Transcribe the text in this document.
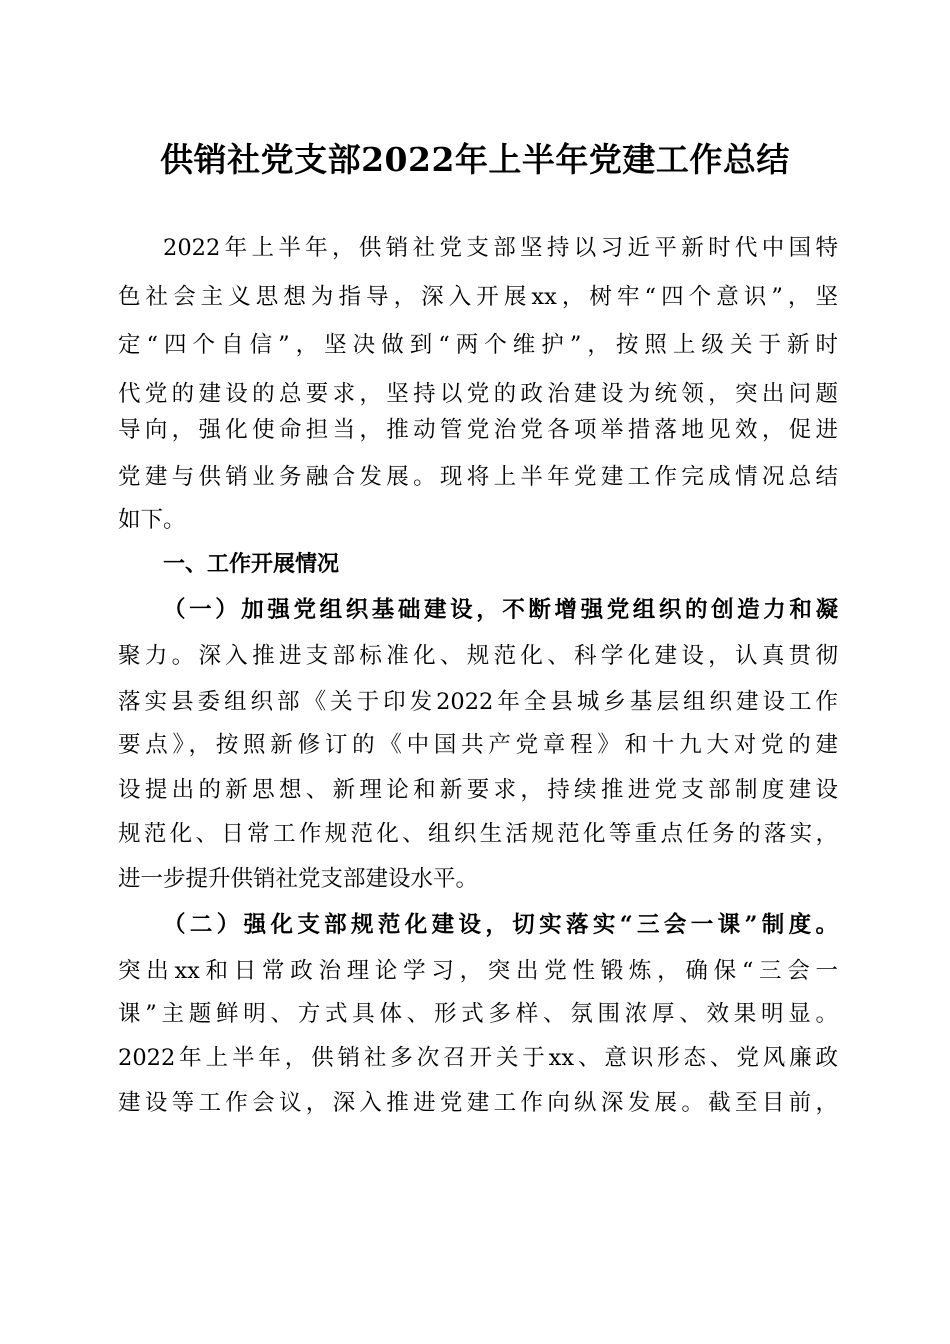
供销社党支部2022年上半年党建工作总结
2022年上半年，供销社党支部坚持以习近平新时代中国特
色社会主义思想为指导，深入开展xx，树牢“四个意识”，坚
定“四个自信”，坚决做到“两个维护”，按照上级关于新时
代党的建设的总要求，坚持以党的政治建设为统领，突出问题
导向，强化使命担当，推动管党治党各项举措落地见效，促进
党建与供销业务融合发展。现将上半年党建工作完成情况总结
如下。
一、工作开展情况
（一）加强党组织基础建设，不断增强党组织的创造力和凝
聚力。深入推进支部标准化、规范化、科学化建设，认真贯彻
落实县委组织部《关于印发2022年全县城乡基层组织建设工作
要点》，按照新修订的《中国共产党章程》和十九大对党的建
设提出的新思想、新理论和新要求，持续推进党支部制度建设
规范化、日常工作规范化、组织生活规范化等重点任务的落实，
进一步提升供销社党支部建设水平。
（二）强化支部规范化建设，切实落实“三会一课”制度。
突出xx和日常政治理论学习，突出党性锻炼，确保“三会一
课”主题鲜明、方式具体、形式多样、氛围浓厚、效果明显。
2022年上半年，供销社多次召开关于xx、意识形态、党风廉政
建设等工作会议，深入推进党建工作向纵深发展。截至目前，
